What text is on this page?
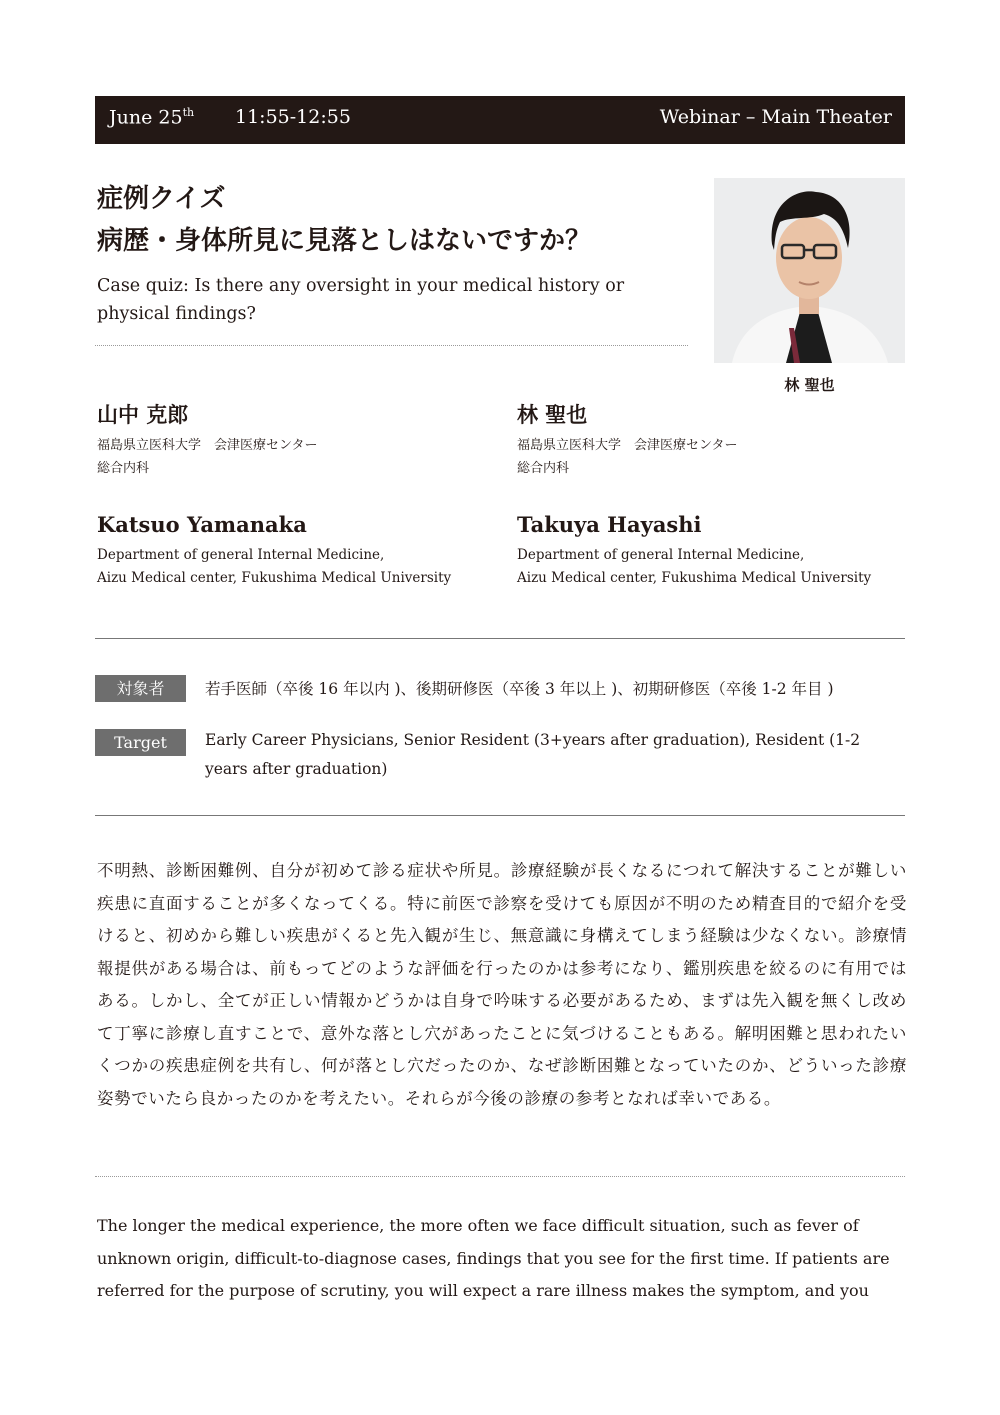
June 25th 11:55-12:55	Webinar – Main Theater
症例クイズ
病歴・身体所見に見落としはないですか？

Case quiz: Is there any oversight in your medical history or physical findings?

林 聖也
山中 克郎
福島県立医科大学　会津医療センター
総合内科
Katsuo Yamanaka
Department of general Internal Medicine,
Aizu Medical center, Fukushima Medical University
林 聖也
福島県立医科大学　会津医療センター
総合内科
Takuya Hayashi
Department of general Internal Medicine,
Aizu Medical center, Fukushima Medical University
対象者	若手医師（卒後 16 年以内 )、後期研修医（卒後 3 年以上 )、初期研修医（卒後 1-2 年目 )
Target	Early Career Physicians, Senior Resident (3+years after graduation), Resident (1-2 years after graduation)
不明熱、診断困難例、自分が初めて診る症状や所見。診療経験が長くなるにつれて解決することが難しい疾患に直面することが多くなってくる。特に前医で診察を受けても原因が不明のため精査目的で紹介を受けると、初めから難しい疾患がくると先入観が生じ、無意識に身構えてしまう経験は少なくない。診療情報提供がある場合は、前もってどのような評価を行ったのかは参考になり、鑑別疾患を絞るのに有用ではある。しかし、全てが正しい情報かどうかは自身で吟味する必要があるため、まずは先入観を無くし改めて丁寧に診療し直すことで、意外な落とし穴があったことに気づけることもある。解明困難と思われたいくつかの疾患症例を共有し、何が落とし穴だったのか、なぜ診断困難となっていたのか、どういった診療姿勢でいたら良かったのかを考えたい。それらが今後の診療の参考となれば幸いである。
The longer the medical experience, the more often we face difficult situation, such as fever of unknown origin, difficult-to-diagnose cases, findings that you see for the first time. If patients are referred for the purpose of scrutiny, you will expect a rare illness makes the symptom, and you
